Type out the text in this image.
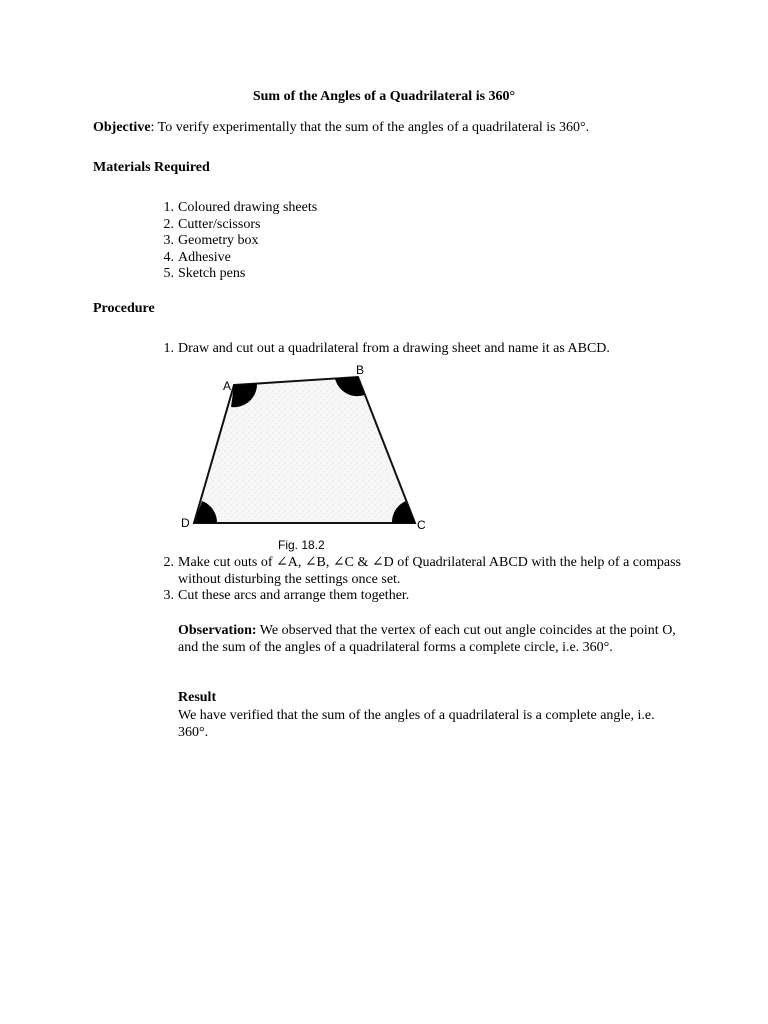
Sum of the Angles of a Quadrilateral is 360°
Objective: To verify experimentally that the sum of the angles of a quadrilateral is 360°.
Materials Required
1. Coloured drawing sheets
2. Cutter/scissors
3. Geometry box
4. Adhesive
5. Sketch pens
Procedure
1. Draw and cut out a quadrilateral from a drawing sheet and name it as ABCD.
A
B
C
D
Fig. 18.2
2. Make cut outs of ∠A, ∠B, ∠C & ∠D of Quadrilateral ABCD with the help of a compass without disturbing the settings once set.
3. Cut these arcs and arrange them together.
Observation: We observed that the vertex of each cut out angle coincides at the point O, and the sum of the angles of a quadrilateral forms a complete circle, i.e. 360°.
Result
We have verified that the sum of the angles of a quadrilateral is a complete angle, i.e. 360°.
